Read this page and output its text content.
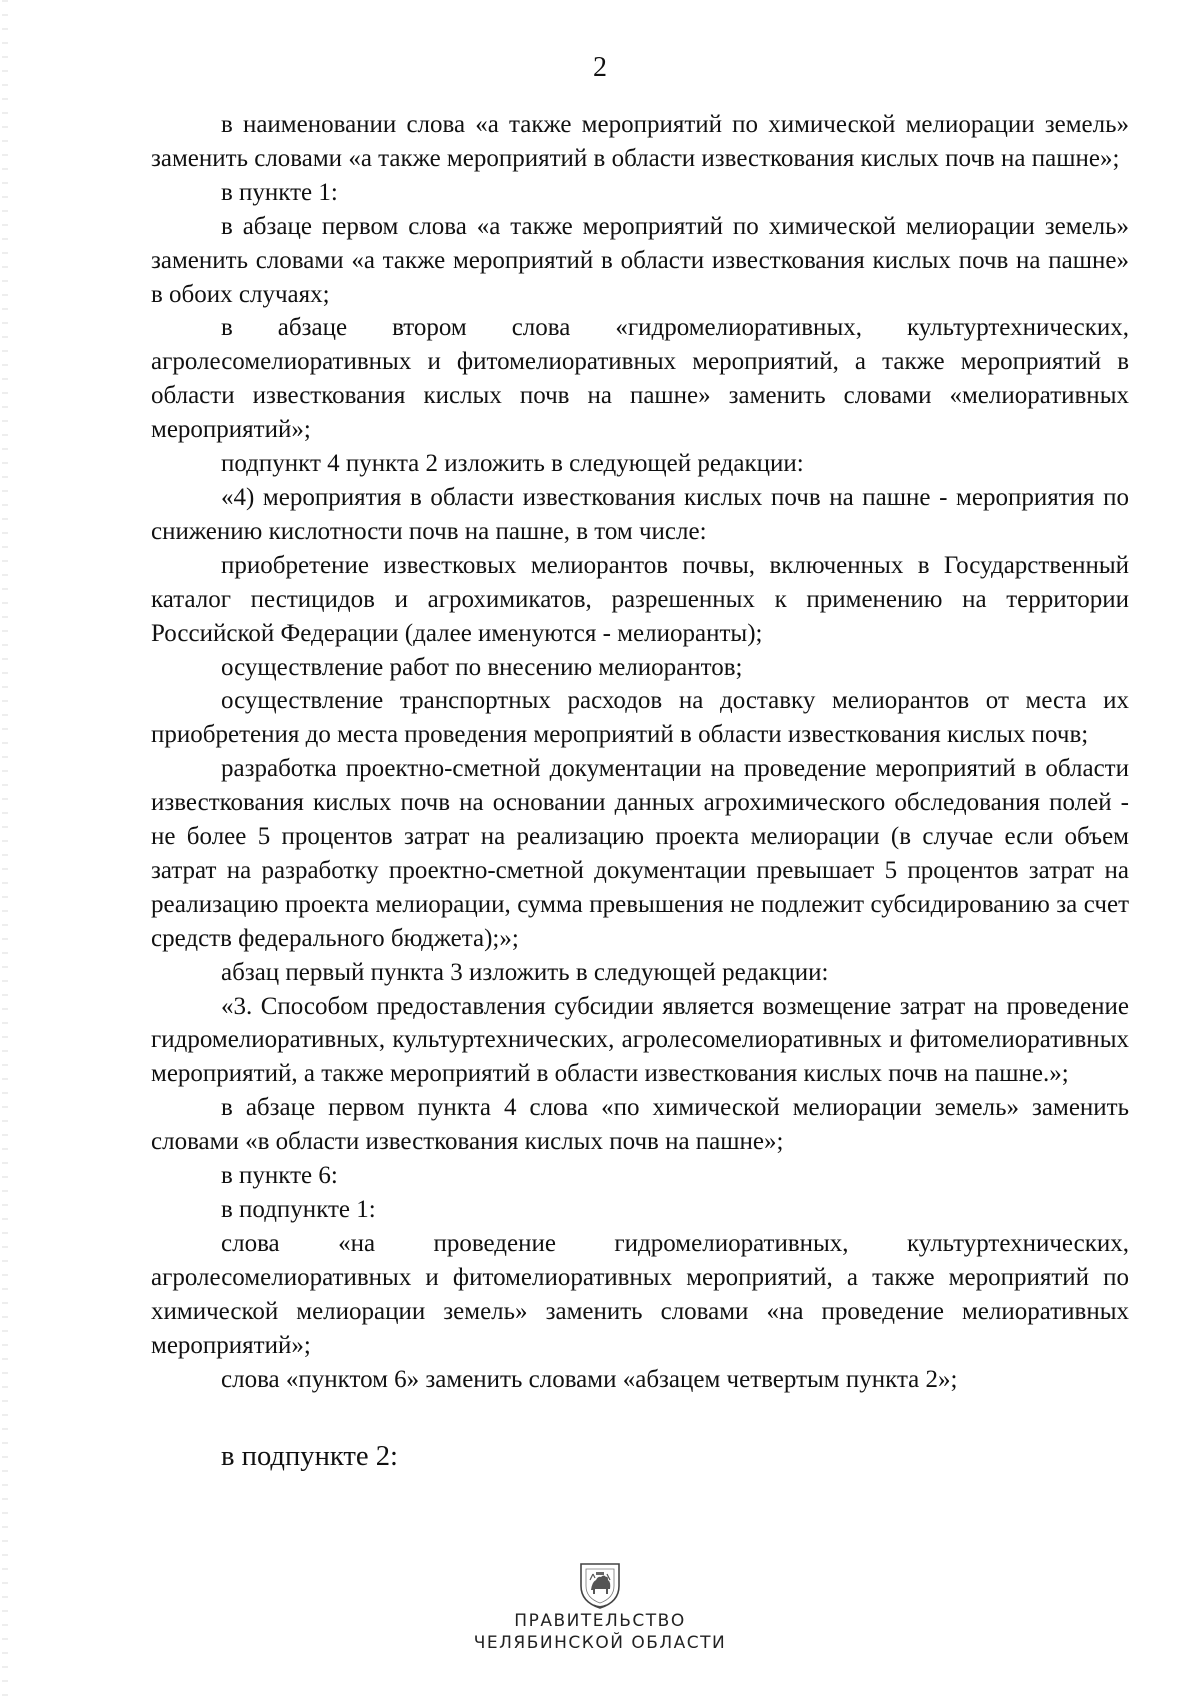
2

в наименовании слова «а также мероприятий по химической мелиорации земель» заменить словами «а также мероприятий в области известкования кислых почв на пашне»;

в пункте 1:

в абзаце первом слова «а также мероприятий по химической мелиорации земель» заменить словами «а также мероприятий в области известкования кислых почв на пашне» в обоих случаях;

в абзаце втором слова «гидромелиоративных, культуртехнических, агролесомелиоративных и фитомелиоративных мероприятий, а также мероприятий в области известкования кислых почв на пашне» заменить словами «мелиоративных мероприятий»;

подпункт 4 пункта 2 изложить в следующей редакции:

«4) мероприятия в области известкования кислых почв на пашне - мероприятия по снижению кислотности почв на пашне, в том числе:

приобретение известковых мелиорантов почвы, включенных в Государственный каталог пестицидов и агрохимикатов, разрешенных к применению на территории Российской Федерации (далее именуются - мелиоранты);

осуществление работ по внесению мелиорантов;

осуществление транспортных расходов на доставку мелиорантов от места их приобретения до места проведения мероприятий в области известкования кислых почв;

разработка проектно-сметной документации на проведение мероприятий в области известкования кислых почв на основании данных агрохимического обследования полей - не более 5 процентов затрат на реализацию проекта мелиорации (в случае если объем затрат на разработку проектно-сметной документации превышает 5 процентов затрат на реализацию проекта мелиорации, сумма превышения не подлежит субсидированию за счет средств федерального бюджета);»;

абзац первый пункта 3 изложить в следующей редакции:

«3. Способом предоставления субсидии является возмещение затрат на проведение гидромелиоративных, культуртехнических, агролесомелиоративных и фитомелиоративных мероприятий, а также мероприятий в области известкования кислых почв на пашне.»;

в абзаце первом пункта 4 слова «по химической мелиорации земель» заменить словами «в области известкования кислых почв на пашне»;

в пункте 6:

в подпункте 1:

слова «на проведение гидромелиоративных, культуртехнических, агролесомелиоративных и фитомелиоративных мероприятий, а также мероприятий по химической мелиорации земель» заменить словами «на проведение мелиоративных мероприятий»;

слова «пунктом 6» заменить словами «абзацем четвертым пункта 2»;

в подпункте 2:
ПРАВИТЕЛЬСТВО
ЧЕЛЯБИНСКОЙ ОБЛАСТИ
